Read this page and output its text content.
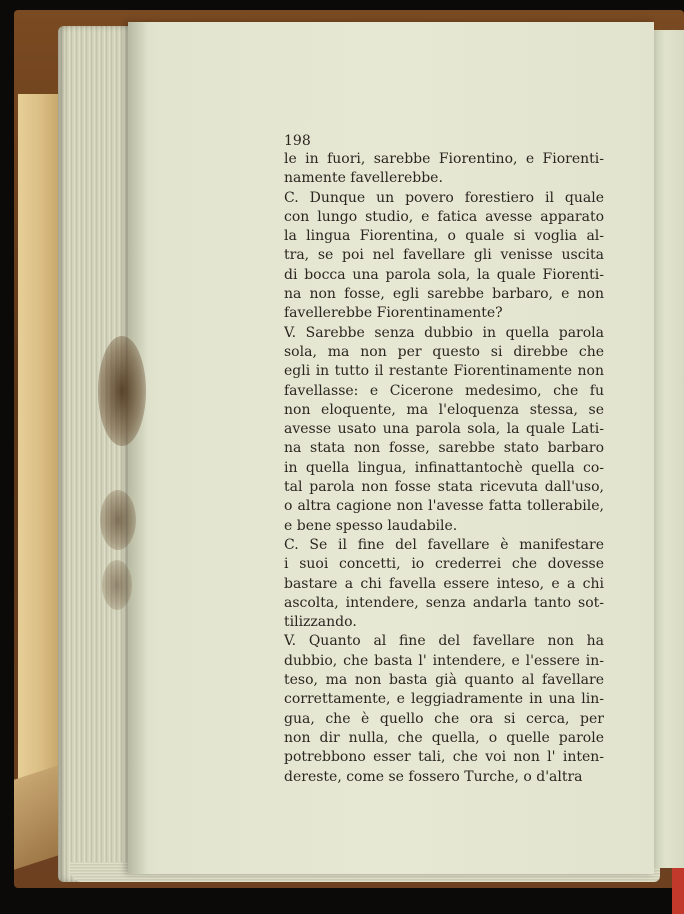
198
le in fuori, sarebbe Fiorentino, e Fiorenti-
namente favellerebbe.
C. Dunque un povero forestiero il quale
con lungo studio, e fatica avesse apparato
la lingua Fiorentina, o quale si voglia al-
tra, se poi nel favellare gli venisse uscita
di bocca una parola sola, la quale Fiorenti-
na non fosse, egli sarebbe barbaro, e non
favellerebbe Fiorentinamente?
V. Sarebbe senza dubbio in quella parola
sola, ma non per questo si direbbe che
egli in tutto il restante Fiorentinamente non
favellasse: e Cicerone medesimo, che fu
non eloquente, ma l'eloquenza stessa, se
avesse usato una parola sola, la quale Lati-
na stata non fosse, sarebbe stato barbaro
in quella lingua, infinattantochè quella co-
tal parola non fosse stata ricevuta dall'uso,
o altra cagione non l'avesse fatta tollerabile,
e bene spesso laudabile.
C. Se il fine del favellare è manifestare
i suoi concetti, io crederrei che dovesse
bastare a chi favella essere inteso, e a chi
ascolta, intendere, senza andarla tanto sot-
tilizzando.
V. Quanto al fine del favellare non ha
dubbio, che basta l' intendere, e l'essere in-
teso, ma non basta già quanto al favellare
correttamente, e leggiadramente in una lin-
gua, che è quello che ora si cerca, per
non dir nulla, che quella, o quelle parole
potrebbono esser tali, che voi non l' inten-
dereste, come se fossero Turche, o d'altra
